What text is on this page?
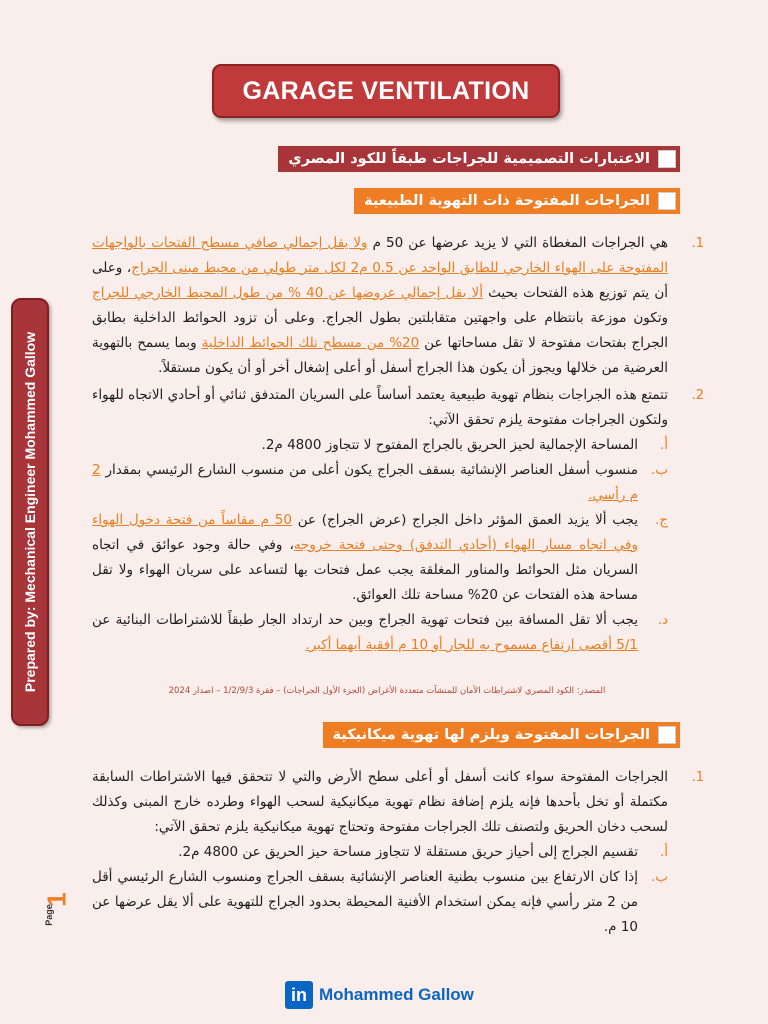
GARAGE VENTILATION
الاعتبارات التصميمية للجراجات طبقاً للكود المصري
الجراجات المفتوحة ذات التهوية الطبيعية
1.

هي الجراجات المغطاة التي لا يزيد عرضها عن 50 م ولا يقل إجمالي صافي مسطح الفتحات بالواجهات المفتوحة على الهواء الخارجي للطابق الواحد عن 0.5 م2 لكل متر طولي من محيط مبنى الجراج، وعلى أن يتم توزيع هذه الفتحات بحيث ألا يقل إجمالي عروضها عن 40 % من طول المحيط الخارجي للجراج وتكون موزعة بانتظام على واجهتين متقابلتين بطول الجراج. وعلى أن تزود الحوائط الداخلية بطابق الجراج بفتحات مفتوحة لا تقل مساحاتها عن 20% من مسطح تلك الحوائط الداخلية وبما يسمح بالتهوية العرضية من خلالها ويجوز أن يكون هذا الجراج أسفل أو أعلى إشغال أخر أو أن يكون مستقلاً.

2.

تتمتع هذه الجراجات بنظام تهوية طبيعية يعتمد أساساً على السريان المتدفق ثنائي أو أحادي الاتجاه للهواء ولتكون الجراجات مفتوحة يلزم تحقق الآتي:

أ.

المساحة الإجمالية لحيز الحريق بالجراج المفتوح لا تتجاوز 4800 م2.

ب.

منسوب أسفل العناصر الإنشائية بسقف الجراج يكون أعلى من منسوب الشارع الرئيسي بمقدار 2 م رأسي.

ج.

يجب ألا يزيد العمق المؤثر داخل الجراج (عرض الجراج) عن 50 م مقاساً من فتحة دخول الهواء وفي اتجاه مسار الهواء (أحادي التدفق) وحتى فتحة خروجه، وفي حالة وجود عوائق في اتجاه السريان مثل الحوائط والمناور المغلقة يجب عمل فتحات بها لتساعد على سريان الهواء ولا تقل مساحة هذه الفتحات عن 20% مساحة تلك العوائق.

د.

يجب ألا تقل المسافة بين فتحات تهوية الجراج وبين حد ارتداد الجار طبقاً للاشتراطات البنائية عن 5/1 أقصى ارتفاع مسموح به للجار أو 10 م أفقية أيهما أكبر.

المصدر: الكود المصري لاشتراطات الأمان للمنشآت متعددة الأغراض (الجزء الأول الجراجات) – فقرة 1/2/9/3 – اصدار 2024
الجراجات المفتوحة ويلزم لها تهوية ميكانيكية
1.

الجراجات المفتوحة سواء كانت أسفل أو أعلى سطح الأرض والتي لا تتحقق فيها الاشتراطات السابقة مكتملة أو تخل بأحدها فإنه يلزم إضافة نظام تهوية ميكانيكية لسحب الهواء وطرده خارج المبنى وكذلك لسحب دخان الحريق ولتصنف تلك الجراجات مفتوحة وتحتاج تهوية ميكانيكية يلزم تحقق الآتي:

أ.

تقسيم الجراج إلى أحياز حريق مستقلة لا تتجاوز مساحة حيز الحريق عن 4800 م2.

ب.

إذا كان الارتفاع بين منسوب بطنية العناصر الإنشائية بسقف الجراج ومنسوب الشارع الرئيسي أقل من 2 متر رأسي فإنه يمكن استخدام الأفنية المحيطة بحدود الجراج للتهوية على ألا يقل عرضها عن 10 م.

Prepared by: Mechanical Engineer Mohammed Gallow
Page
1
in Mohammed Gallow
